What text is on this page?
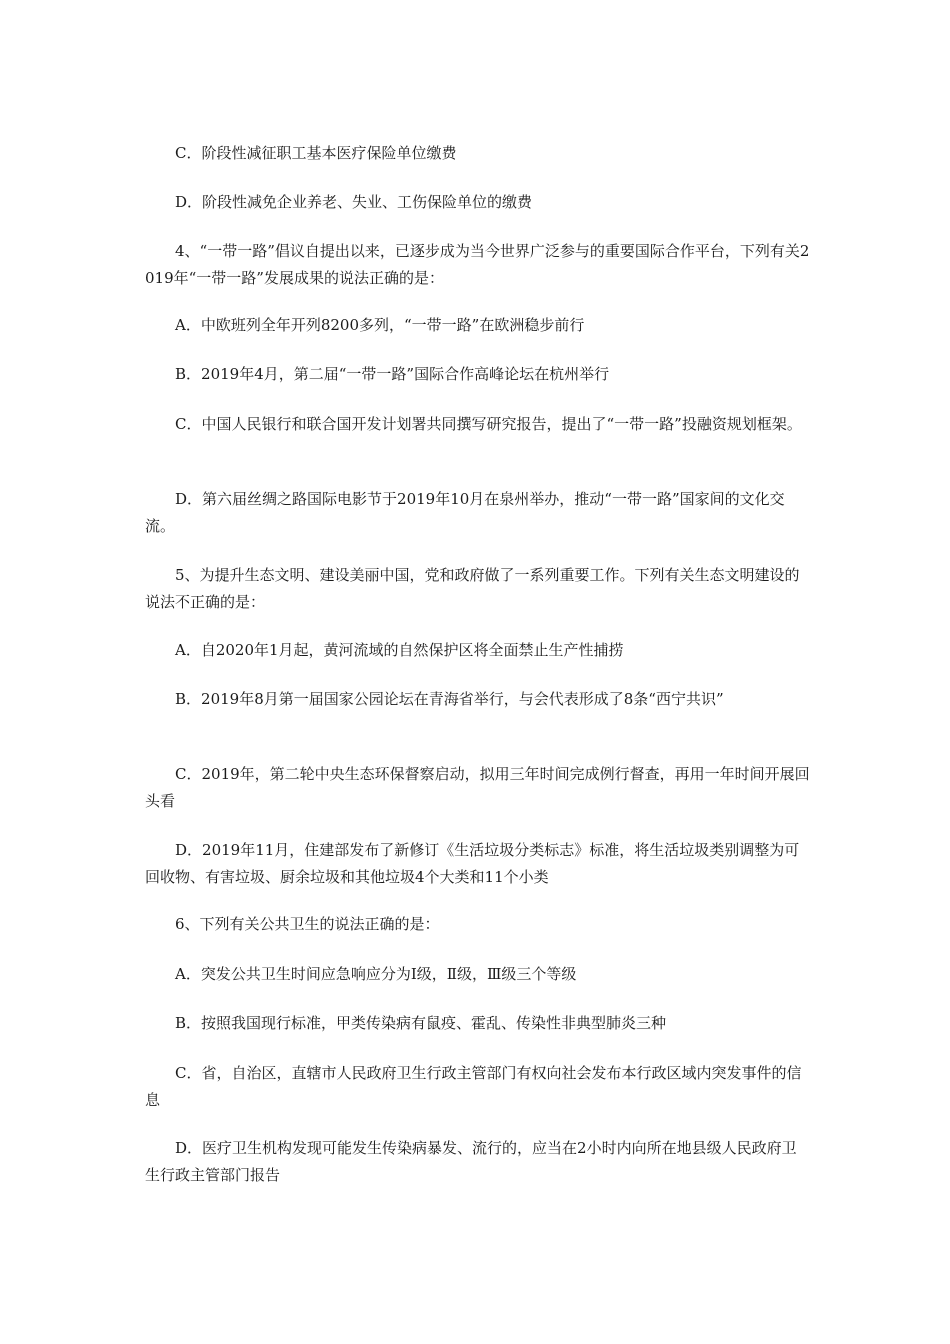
C．阶段性减征职工基本医疗保险单位缴费

D．阶段性减免企业养老、失业、工伤保险单位的缴费

4、“一带一路”倡议自提出以来，已逐步成为当今世界广泛参与的重要国际合作平台，下列有关2019年“一带一路”发展成果的说法正确的是：

A．中欧班列全年开列8200多列，“一带一路”在欧洲稳步前行

B．2019年4月，第二届“一带一路”国际合作高峰论坛在杭州举行

C．中国人民银行和联合国开发计划署共同撰写研究报告，提出了“一带一路”投融资规划框架。

D．第六届丝绸之路国际电影节于2019年10月在泉州举办，推动“一带一路”国家间的文化交流。

5、为提升生态文明、建设美丽中国，党和政府做了一系列重要工作。下列有关生态文明建设的说法不正确的是：

A．自2020年1月起，黄河流域的自然保护区将全面禁止生产性捕捞

B．2019年8月第一届国家公园论坛在青海省举行，与会代表形成了8条“西宁共识”

C．2019年，第二轮中央生态环保督察启动，拟用三年时间完成例行督查，再用一年时间开展回头看

D．2019年11月，住建部发布了新修订《生活垃圾分类标志》标准，将生活垃圾类别调整为可回收物、有害垃圾、厨余垃圾和其他垃圾4个大类和11个小类

6、下列有关公共卫生的说法正确的是：

A．突发公共卫生时间应急响应分为Ⅰ级，Ⅱ级，Ⅲ级三个等级

B．按照我国现行标准，甲类传染病有鼠疫、霍乱、传染性非典型肺炎三种

C．省，自治区，直辖市人民政府卫生行政主管部门有权向社会发布本行政区域内突发事件的信息

D．医疗卫生机构发现可能发生传染病暴发、流行的，应当在2小时内向所在地县级人民政府卫生行政主管部门报告
